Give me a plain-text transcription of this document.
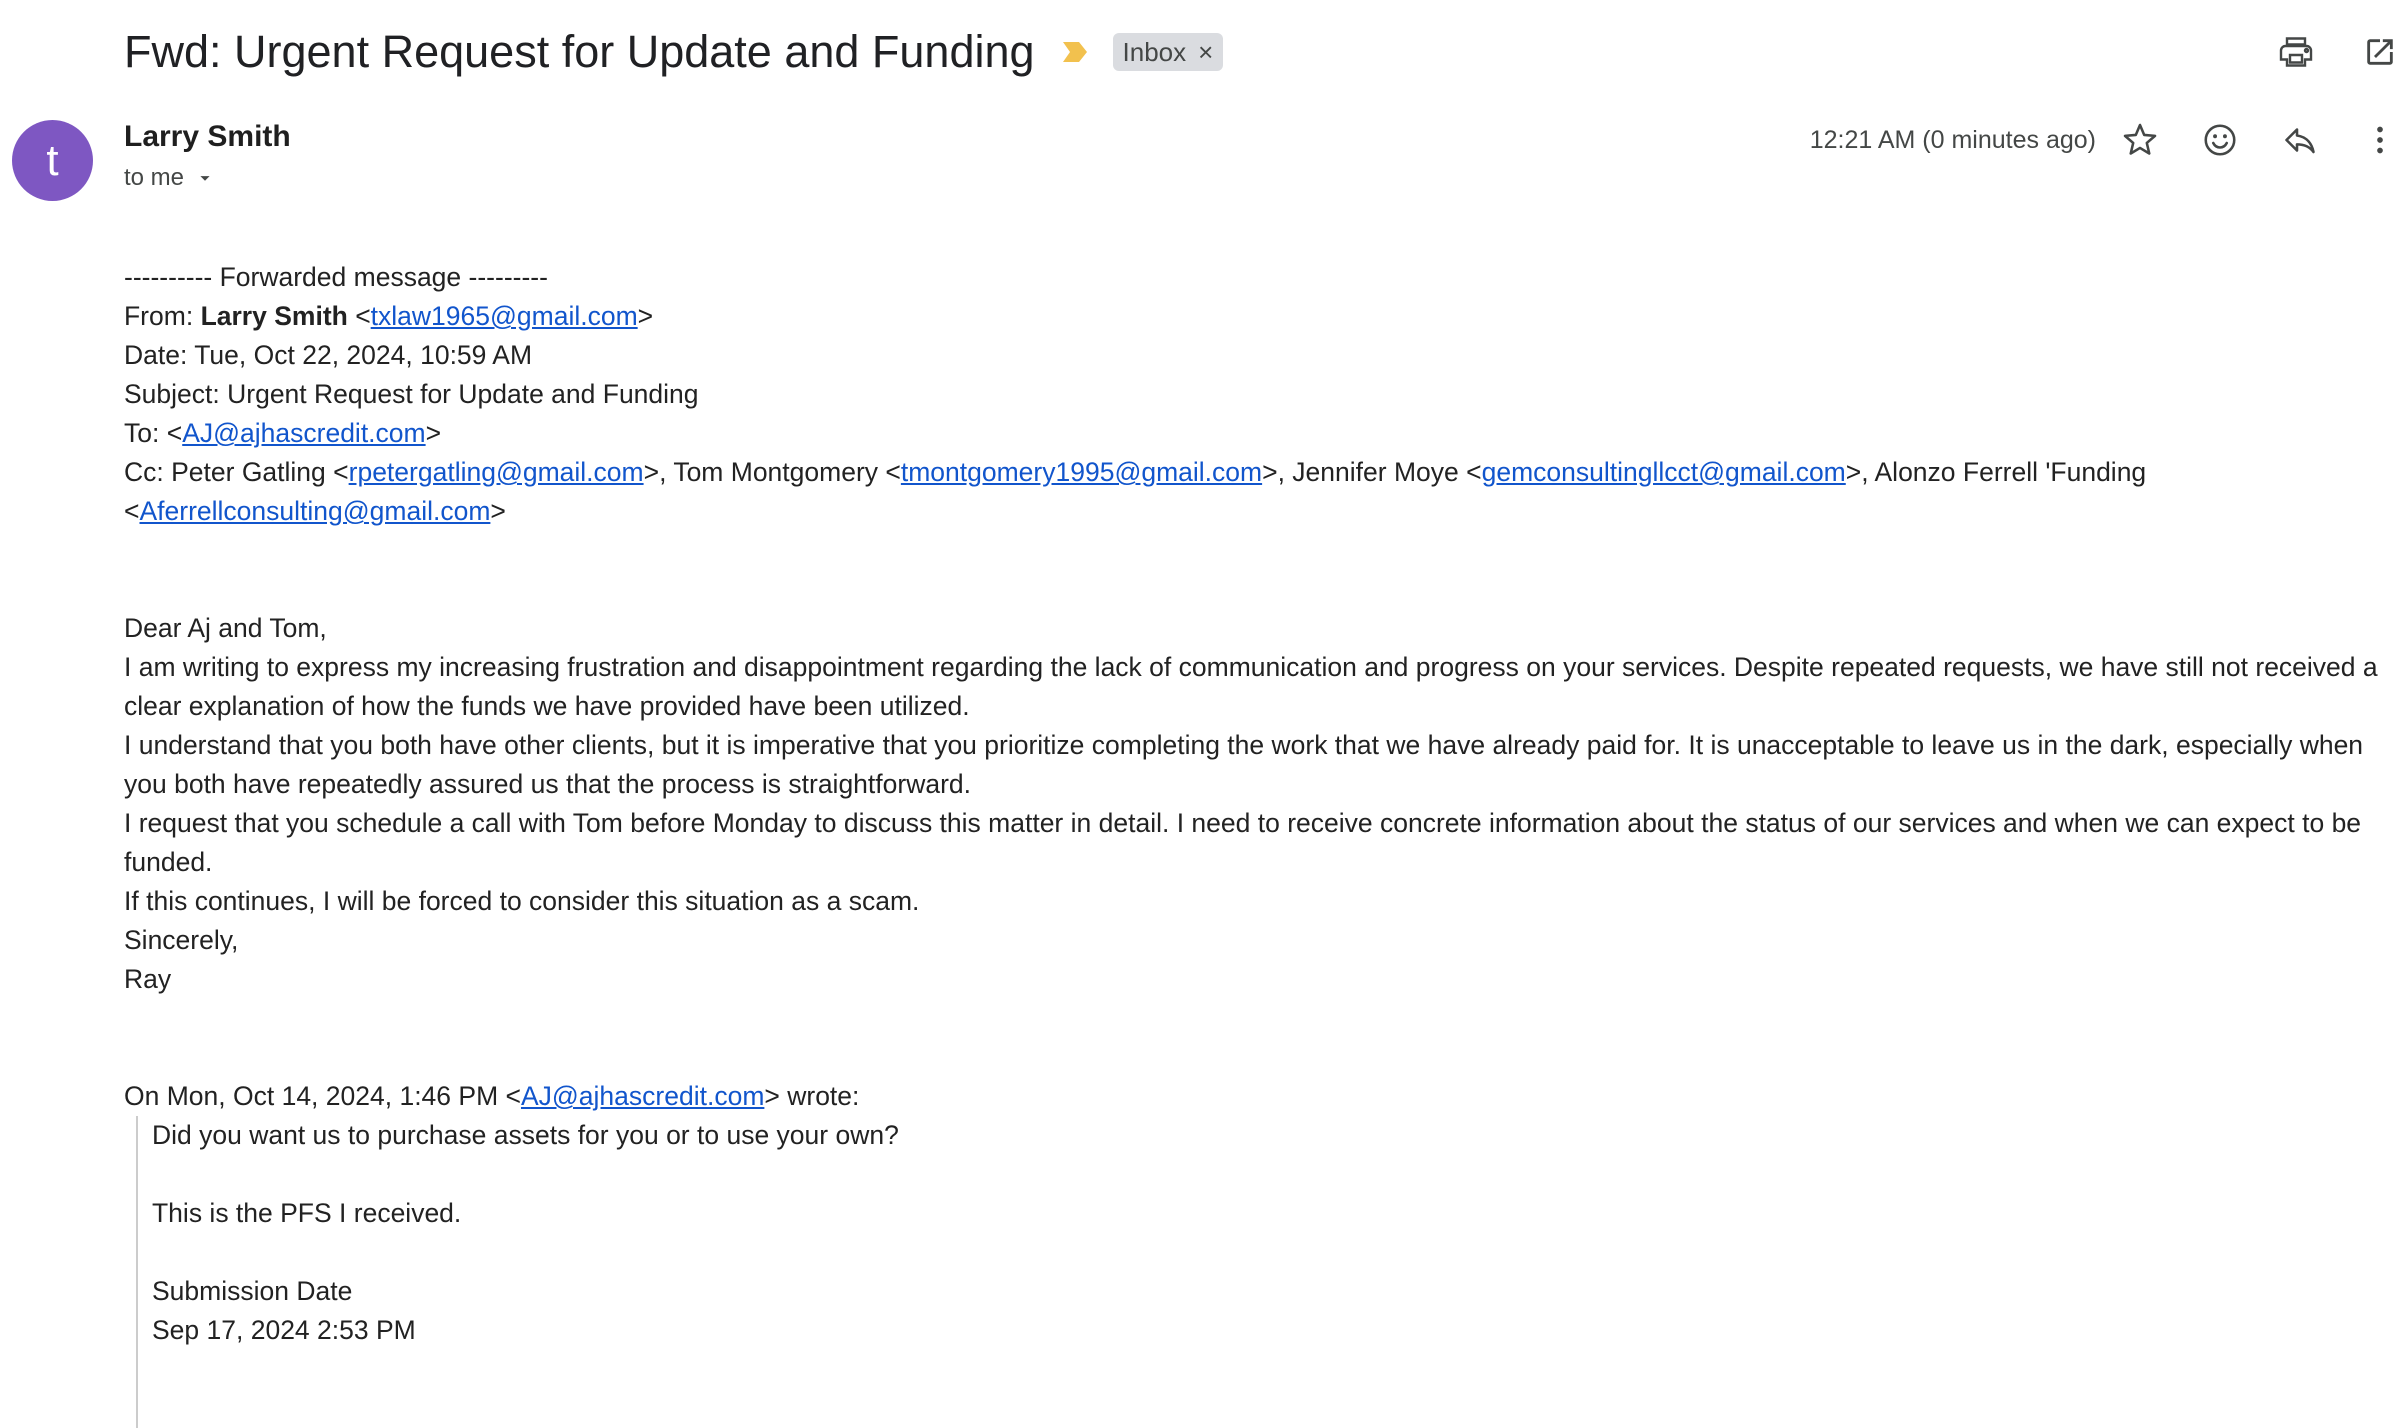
Fwd: Urgent Request for Update and Funding	Inbox ×
t	Larry Smith
to me
12:21 AM (0 minutes ago)

---------- Forwarded message ---------

From: Larry Smith <txlaw1965@gmail.com>

Date: Tue, Oct 22, 2024, 10:59 AM

Subject: Urgent Request for Update and Funding

To: <AJ@ajhascredit.com>

Cc: Peter Gatling <rpetergatling@gmail.com>, Tom Montgomery <tmontgomery1995@gmail.com>, Jennifer Moye <gemconsultingllcct@gmail.com>, Alonzo Ferrell 'Funding
<Aferrellconsulting@gmail.com>

Dear Aj and Tom,

I am writing to express my increasing frustration and disappointment regarding the lack of communication and progress on your services. Despite repeated requests, we have still not received a clear explanation of how the funds we have provided have been utilized.

I understand that you both have other clients, but it is imperative that you prioritize completing the work that we have already paid for. It is unacceptable to leave us in the dark, especially when you both have repeatedly assured us that the process is straightforward.

I request that you schedule a call with Tom before Monday to discuss this matter in detail. I need to receive concrete information about the status of our services and when we can expect to be funded.

If this continues, I will be forced to consider this situation as a scam.

Sincerely,

Ray

On Mon, Oct 14, 2024, 1:46 PM <AJ@ajhascredit.com> wrote:

Did you want us to purchase assets for you or to use your own?

This is the PFS I received.

Submission Date

Sep 17, 2024 2:53 PM
